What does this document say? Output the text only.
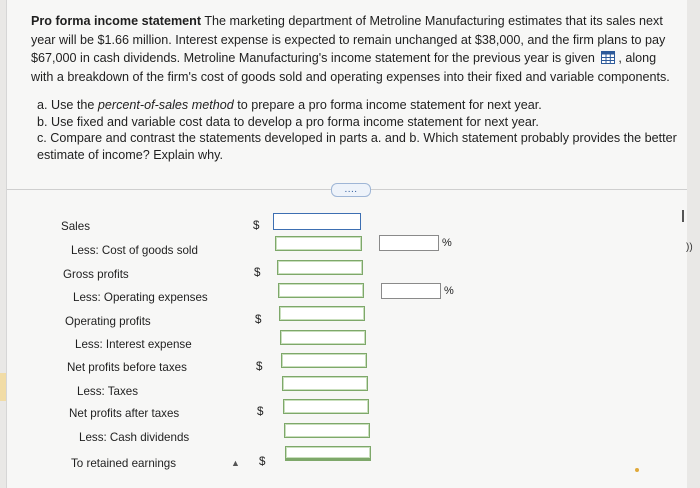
Pro forma income statement The marketing department of Metroline Manufacturing estimates that its sales next year will be $1.66 million. Interest expense is expected to remain unchanged at $38,000, and the firm plans to pay $67,000 in cash dividends. Metroline Manufacturing's income statement for the previous year is given , along with a breakdown of the firm's cost of goods sold and operating expenses into their fixed and variable components.
a. Use the percent-of-sales method to prepare a pro forma income statement for next year.
b. Use fixed and variable cost data to develop a pro forma income statement for next year.
c. Compare and contrast the statements developed in parts a. and b. Which statement probably provides the better estimate of income? Explain why.
....
Sales
Less: Cost of goods sold
Gross profits
Less: Operating expenses
Operating profits
Less: Interest expense
Net profits before taxes
Less: Taxes
Net profits after taxes
Less: Cash dividends
To retained earnings
$
$
$
$
$
$
▲
%
%
))
